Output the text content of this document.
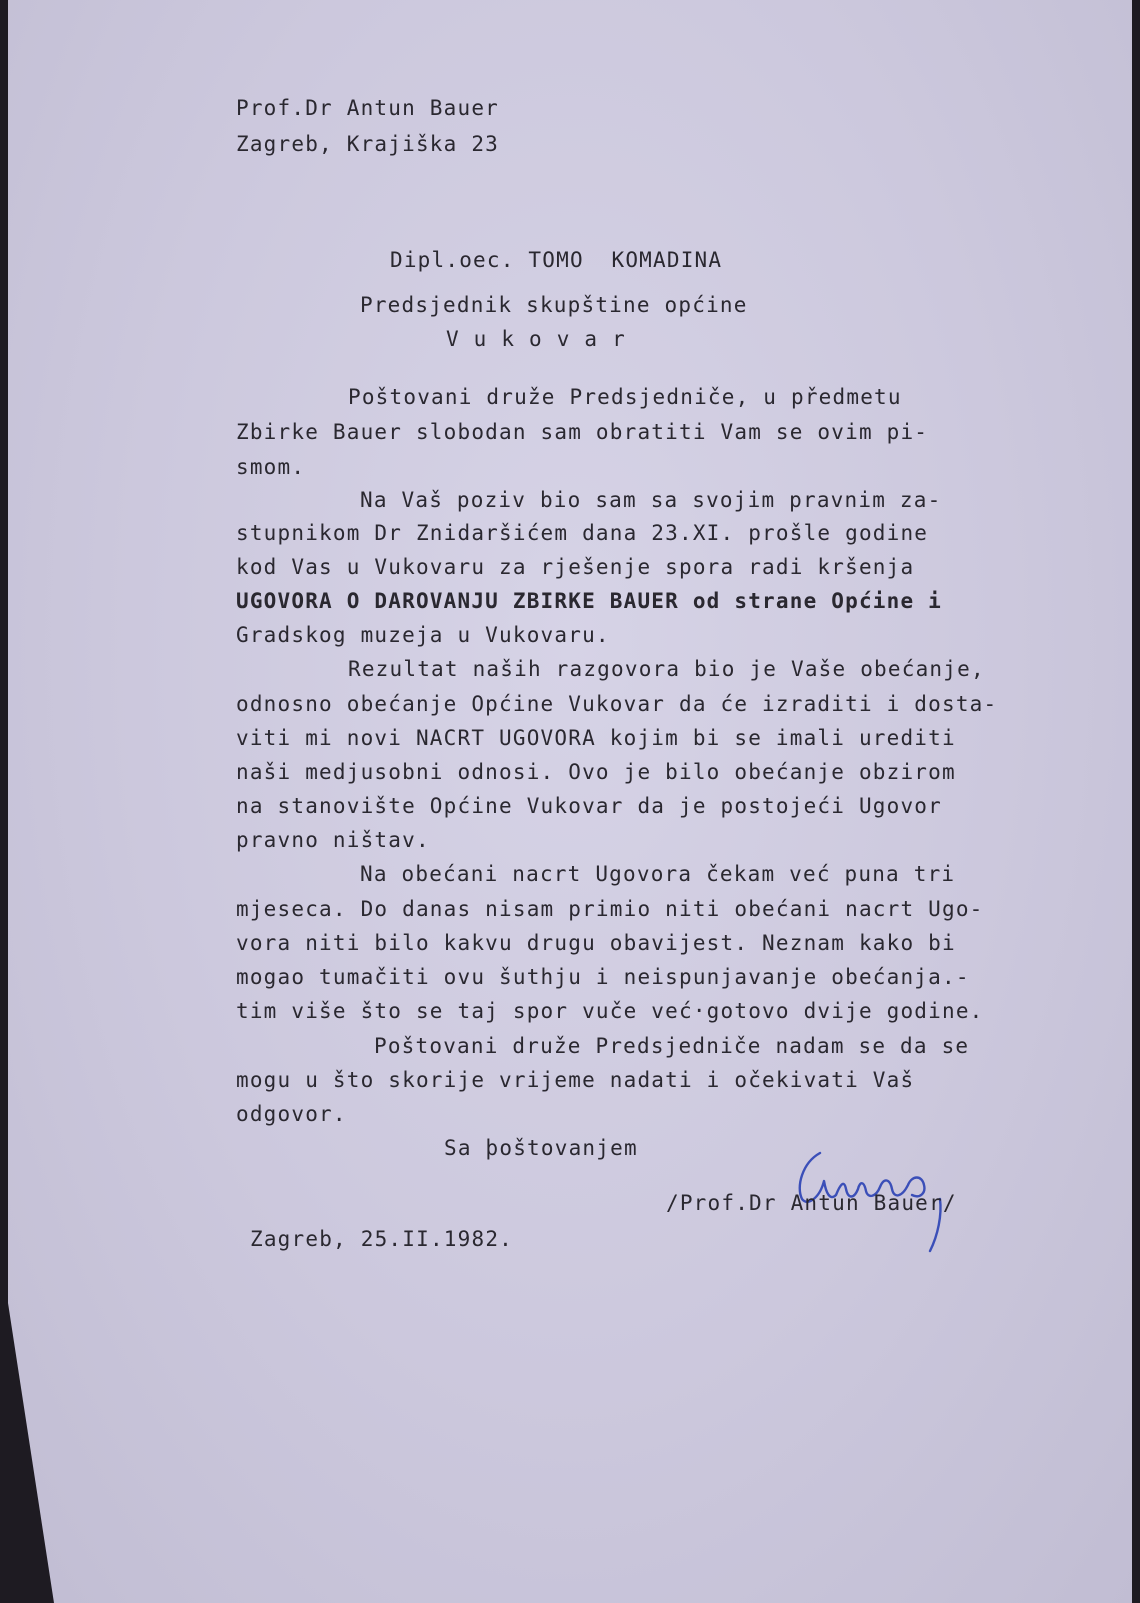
Prof.Dr Antun Bauer
Zagreb, Krajiška 23
Dipl.oec. TOMO  KOMADINA
Predsjednik skupštine općine
V u k o v a r
Poštovani druže Predsjedniče, u předmetu
Zbirke Bauer slobodan sam obratiti Vam se ovim pi-
smom.
Na Vaš poziv bio sam sa svojim pravnim za-
stupnikom Dr Znidaršićem dana 23.XI. prošle godine
kod Vas u Vukovaru za rješenje spora radi kršenja
UGOVORA O DAROVANJU ZBIRKE BAUER od strane Općine i
Gradskog muzeja u Vukovaru.
Rezultat naših razgovora bio je Vaše obećanje,
odnosno obećanje Općine Vukovar da će izraditi i dosta-
viti mi novi NACRT UGOVORA kojim bi se imali urediti
naši medjusobni odnosi. Ovo je bilo obećanje obzirom
na stanovište Općine Vukovar da je postojeći Ugovor
pravno ništav.
Na obećani nacrt Ugovora čekam već puna tri
mjeseca. Do danas nisam primio niti obećani nacrt Ugo-
vora niti bilo kakvu drugu obavijest. Neznam kako bi
mogao tumačiti ovu šuthju i neispunjavanje obećanja.-
tim više što se taj spor vuče već·gotovo dvije godine.
Poštovani druže Predsjedniče nadam se da se
mogu u što skorije vrijeme nadati i očekivati Vaš
odgovor.
Sa þoštovanjem
/Prof.Dr Antun Bauer/
Zagreb, 25.II.1982.
